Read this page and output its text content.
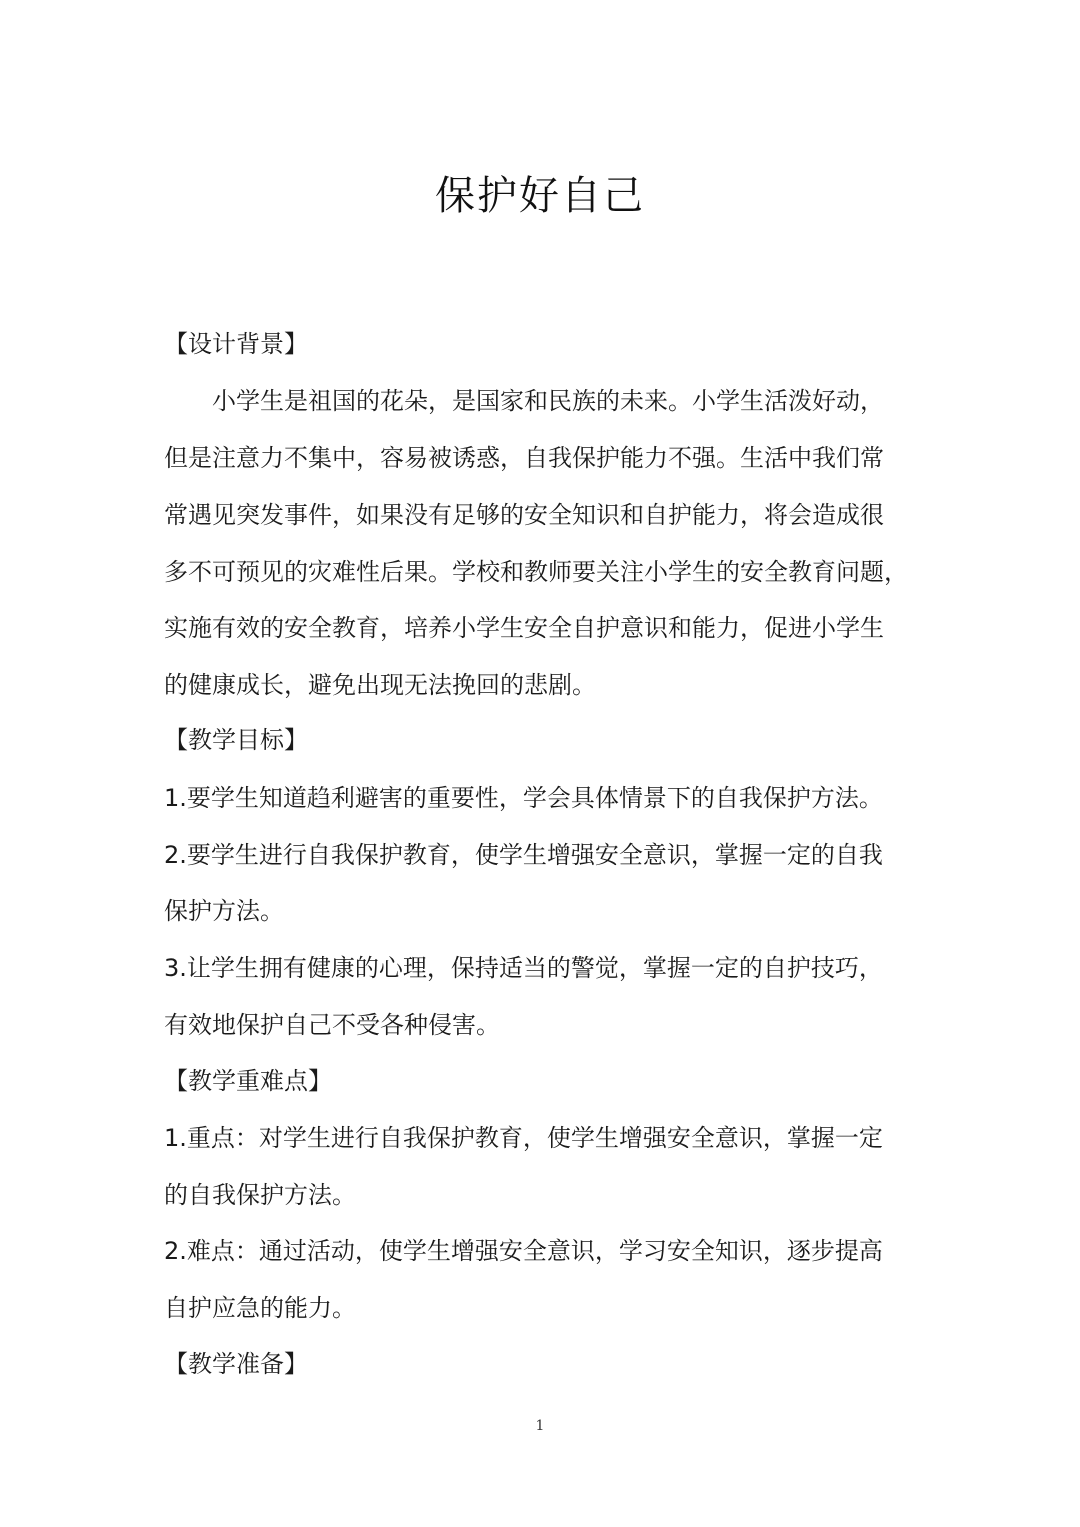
保护好自己
【设计背景】
　　小学生是祖国的花朵，是国家和民族的未来。小学生活泼好动，
但是注意力不集中，容易被诱惑，自我保护能力不强。生活中我们常
常遇见突发事件，如果没有足够的安全知识和自护能力，将会造成很
多不可预见的灾难性后果。学校和教师要关注小学生的安全教育问题，
实施有效的安全教育，培养小学生安全自护意识和能力，促进小学生
的健康成长，避免出现无法挽回的悲剧。
【教学目标】
1.要学生知道趋利避害的重要性，学会具体情景下的自我保护方法。
2.要学生进行自我保护教育，使学生增强安全意识，掌握一定的自我
保护方法。
3.让学生拥有健康的心理，保持适当的警觉，掌握一定的自护技巧，
有效地保护自己不受各种侵害。
【教学重难点】
1.重点：对学生进行自我保护教育，使学生增强安全意识，掌握一定
的自我保护方法。
2.难点：通过活动，使学生增强安全意识，学习安全知识，逐步提高
自护应急的能力。
【教学准备】
1
